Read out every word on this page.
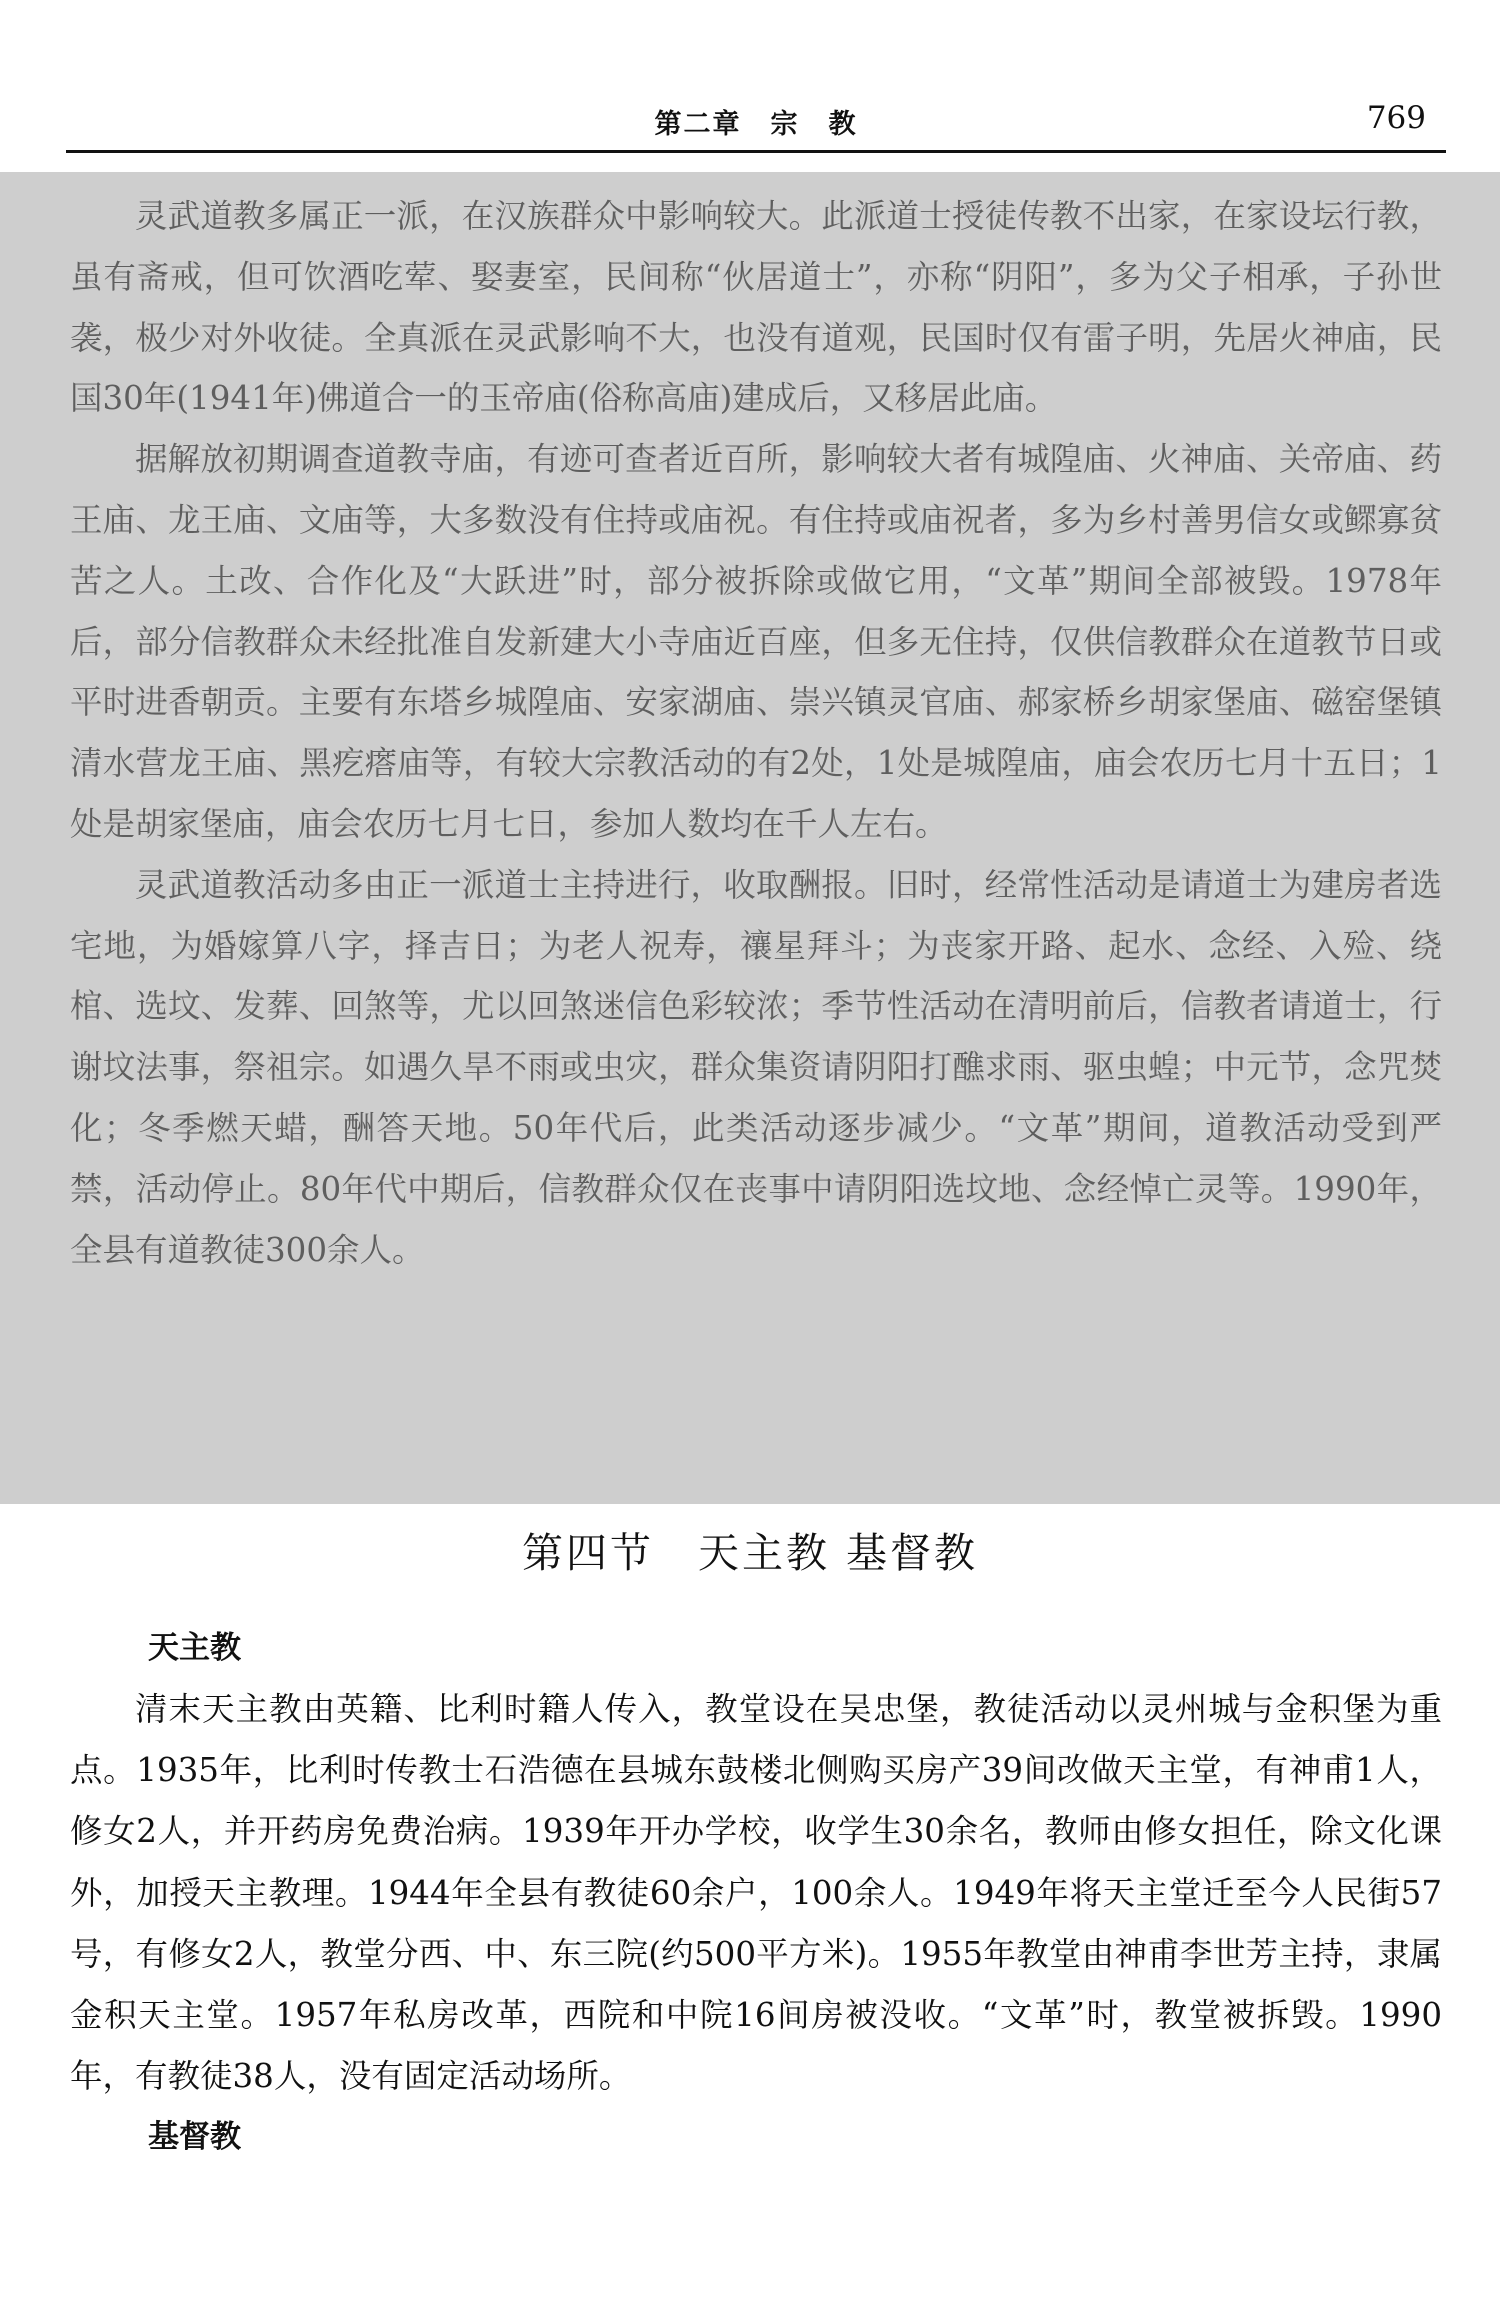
第二章　宗　教	769

灵武道教多属正一派，在汉族群众中影响较大。此派道士授徒传教不出家，在家设坛行教，虽有斋戒，但可饮酒吃荤、娶妻室，民间称“伙居道士”，亦称“阴阳”，多为父子相承，子孙世袭，极少对外收徒。全真派在灵武影响不大，也没有道观，民国时仅有雷子明，先居火神庙，民国30年(1941年)佛道合一的玉帝庙(俗称高庙)建成后，又移居此庙。

据解放初期调查道教寺庙，有迹可查者近百所，影响较大者有城隍庙、火神庙、关帝庙、药王庙、龙王庙、文庙等，大多数没有住持或庙祝。有住持或庙祝者，多为乡村善男信女或鳏寡贫苦之人。土改、合作化及“大跃进”时，部分被拆除或做它用，“文革”期间全部被毁。1978年后，部分信教群众未经批准自发新建大小寺庙近百座，但多无住持，仅供信教群众在道教节日或平时进香朝贡。主要有东塔乡城隍庙、安家湖庙、崇兴镇灵官庙、郝家桥乡胡家堡庙、磁窑堡镇清水营龙王庙、黑疙瘩庙等，有较大宗教活动的有2处，1处是城隍庙，庙会农历七月十五日；1处是胡家堡庙，庙会农历七月七日，参加人数均在千人左右。

灵武道教活动多由正一派道士主持进行，收取酬报。旧时，经常性活动是请道士为建房者选宅地，为婚嫁算八字，择吉日；为老人祝寿，禳星拜斗；为丧家开路、起水、念经、入殓、绕棺、选坟、发葬、回煞等，尤以回煞迷信色彩较浓；季节性活动在清明前后，信教者请道士，行谢坟法事，祭祖宗。如遇久旱不雨或虫灾，群众集资请阴阳打醮求雨、驱虫蝗；中元节，念咒焚化；冬季燃天蜡，酬答天地。50年代后，此类活动逐步减少。“文革”期间，道教活动受到严禁，活动停止。80年代中期后，信教群众仅在丧事中请阴阳选坟地、念经悼亡灵等。1990年，全县有道教徒300余人。

第四节　天主教 基督教
天主教

清末天主教由英籍、比利时籍人传入，教堂设在吴忠堡，教徒活动以灵州城与金积堡为重点。1935年，比利时传教士石浩德在县城东鼓楼北侧购买房产39间改做天主堂，有神甫1人，修女2人，并开药房免费治病。1939年开办学校，收学生30余名，教师由修女担任，除文化课外，加授天主教理。1944年全县有教徒60余户，100余人。1949年将天主堂迁至今人民街57号，有修女2人，教堂分西、中、东三院(约500平方米)。1955年教堂由神甫李世芳主持，隶属金积天主堂。1957年私房改革，西院和中院16间房被没收。“文革”时，教堂被拆毁。1990年，有教徒38人，没有固定活动场所。

基督教
